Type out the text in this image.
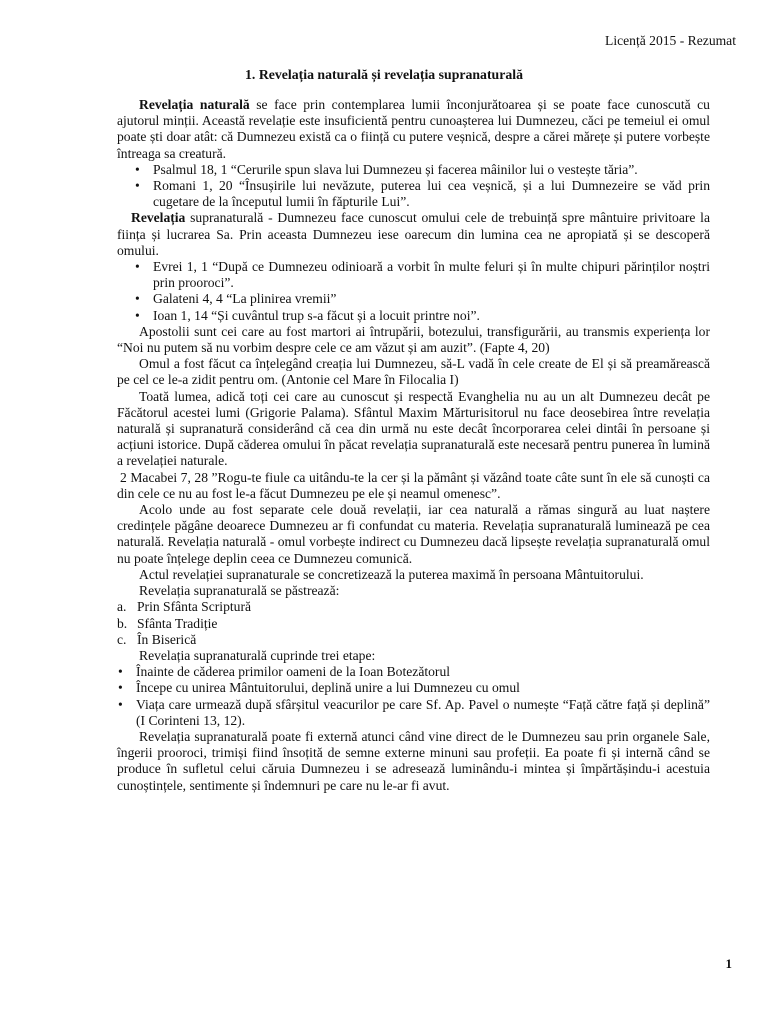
Licență 2015 - Rezumat
1. Revelația naturală și revelația supranaturală

Revelația naturală se face prin contemplarea lumii înconjurătoarea și se poate face cunoscută cu ajutorul minții. Această revelație este insuficientă pentru cunoașterea lui Dumnezeu, căci pe temeiul ei omul poate ști doar atât: că Dumnezeu există ca o ființă cu putere veșnică, despre a cărei mărețe și putere vorbește întreaga sa creatură.

• Psalmul 18, 1 “Cerurile spun slava lui Dumnezeu și facerea mâinilor lui o vestește tăria”.
• Romani 1, 20 “Însușirile lui nevăzute, puterea lui cea veșnică, și a lui Dumnezeire se văd prin cugetare de la începutul lumii în făpturile Lui”.

Revelația supranaturală - Dumnezeu face cunoscut omului cele de trebuință spre mântuire privitoare la ființa și lucrarea Sa. Prin aceasta Dumnezeu iese oarecum din lumina cea ne apropiată și se descoperă omului.

• Evrei 1, 1 “După ce Dumnezeu odinioară a vorbit în multe feluri și în multe chipuri părinților noștri prin prooroci”.
• Galateni 4, 4 “La plinirea vremii”
• Ioan 1, 14 “Și cuvântul trup s-a făcut și a locuit printre noi”.

Apostolii sunt cei care au fost martori ai întrupării, botezului, transfigurării, au transmis experiența lor “Noi nu putem să nu vorbim despre cele ce am văzut și am auzit”. (Fapte 4, 20)

Omul a fost făcut ca înțelegând creația lui Dumnezeu, să-L vadă în cele create de El și să preamărească pe cel ce le-a zidit pentru om. (Antonie cel Mare în Filocalia I)

Toată lumea, adică toți cei care au cunoscut și respectă Evanghelia nu au un alt Dumnezeu decât pe Făcătorul acestei lumi (Grigorie Palama). Sfântul Maxim Mărturisitorul nu face deosebirea între revelația naturală și supranatură considerând că cea din urmă nu este decât încorporarea celei dintâi în persoane și acțiuni istorice. După căderea omului în păcat revelația supranaturală este necesară pentru punerea în lumină a revelației naturale.

2 Macabei 7, 28 ”Rogu-te fiule ca uitându-te la cer și la pământ și văzând toate câte sunt în ele să cunoști ca din cele ce nu au fost le-a făcut Dumnezeu pe ele și neamul omenesc”.

Acolo unde au fost separate cele două revelații, iar cea naturală a rămas singură au luat naștere credințele păgâne deoarece Dumnezeu ar fi confundat cu materia. Revelația supranaturală luminează pe cea naturală. Revelația naturală - omul vorbește indirect cu Dumnezeu dacă lipsește revelația supranaturală omul nu poate înțelege deplin ceea ce Dumnezeu comunică.

Actul revelației supranaturale se concretizează la puterea maximă în persoana Mântuitorului.

Revelația supranaturală se păstrează:

a. Prin Sfânta Scriptură
b. Sfânta Tradiție
c. În Biserică

Revelația supranaturală cuprinde trei etape:

• Înainte de căderea primilor oameni de la Ioan Botezătorul
• Începe cu unirea Mântuitorului, deplină unire a lui Dumnezeu cu omul
• Viața care urmează după sfârșitul veacurilor pe care Sf. Ap. Pavel o numește “Față către față și deplină” (I Corinteni 13, 12).

Revelația supranaturală poate fi externă atunci când vine direct de le Dumnezeu sau prin organele Sale, îngerii prooroci, trimiși fiind însoțită de semne externe minuni sau profeții. Ea poate fi și internă când se produce în sufletul celui căruia Dumnezeu i se adresează luminându-i mintea și împărtășindu-i acestuia cunoștințele, sentimente și îndemnuri pe care nu le-ar fi avut.

1
